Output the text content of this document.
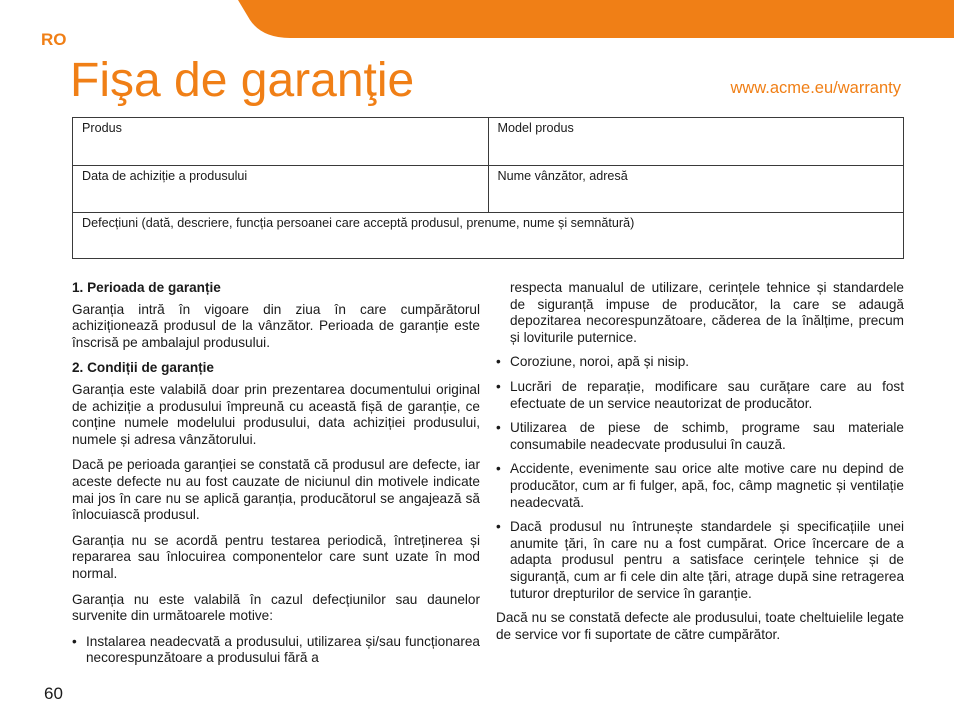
RO
Fişa de garanţie	www.acme.eu/warranty
Produs	Model produs
Data de achiziție a produsului	Nume vânzător, adresă
Defecțiuni (dată, descriere, funcția persoanei care acceptă produsul, prenume, nume și semnătură)	
1. Perioada de garanție

Garanția intră în vigoare din ziua în care cumpărătorul achiziționează produsul de la vânzător. Perioada de garanție este înscrisă pe ambalajul produsului.

2. Condiții de garanție

Garanția este valabilă doar prin prezentarea documentului original de achiziție a produsului împreună cu această fișă de garanție, ce conține numele modelului produsului, data achiziției produsului, numele și adresa vânzătorului.

Dacă pe perioada garanției se constată că produsul are defecte, iar aceste defecte nu au fost cauzate de niciunul din motivele indicate mai jos în care nu se aplică garanția, producătorul se angajează să înlocuiască produsul.

Garanția nu se acordă pentru testarea periodică, întreținerea și repararea sau înlocuirea componentelor care sunt uzate în mod normal.

Garanția nu este valabilă în cazul defecțiunilor sau daunelor survenite din următoarele motive:

• Instalarea neadecvată a produsului, utilizarea și/sau funcționarea necorespunzătoare a produsului fără a

respecta manualul de utilizare, cerințele tehnice și standardele de siguranță impuse de producător, la care se adaugă depozitarea necorespunzătoare, căderea de la înălțime, precum și loviturile puternice.

• Coroziune, noroi, apă și nisip.
• Lucrări de reparație, modificare sau curățare care au fost efectuate de un service neautorizat de producător.
• Utilizarea de piese de schimb, programe sau materiale consumabile neadecvate produsului în cauză.
• Accidente, evenimente sau orice alte motive care nu depind de producător, cum ar fi fulger, apă, foc, câmp magnetic și ventilație neadecvată.
• Dacă produsul nu întrunește standardele și specificațiile unei anumite țări, în care nu a fost cumpărat. Orice încercare de a adapta produsul pentru a satisface cerințele tehnice și de siguranță, cum ar fi cele din alte țări, atrage după sine retragerea tuturor drepturilor de service în garanție.

Dacă nu se constată defecte ale produsului, toate cheltuielile legate de service vor fi suportate de către cumpărător.

60
